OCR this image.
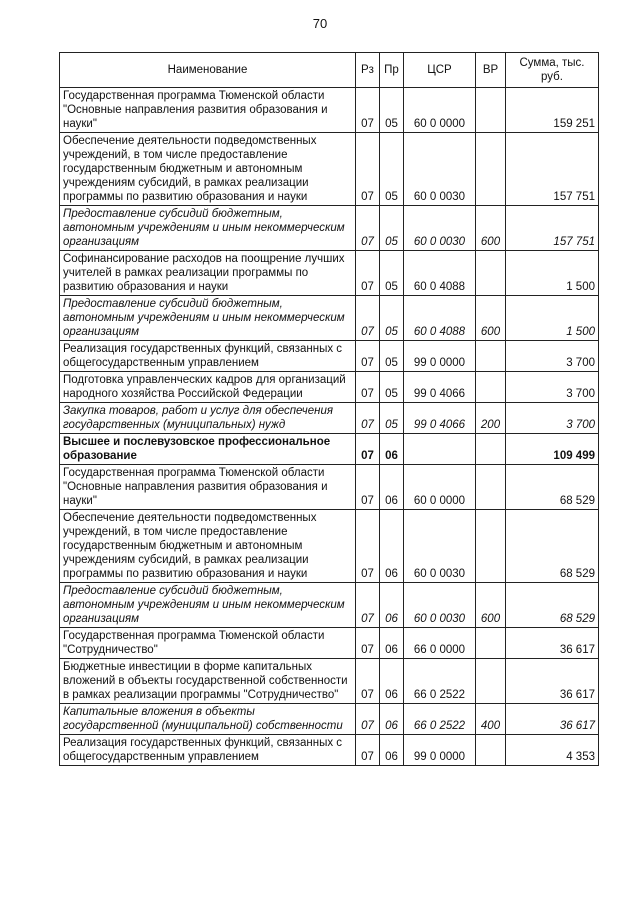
70
Наименование	Рз	Пр	ЦСР	ВР	Сумма, тыс. руб.
Государственная программа Тюменской области "Основные направления развития образования и науки"	07	05	60 0 0000		159 251
Обеспечение деятельности подведомственных учреждений, в том числе предоставление государственным бюджетным и автономным учреждениям субсидий, в рамках реализации программы по развитию образования и науки	07	05	60 0 0030		157 751
Предоставление субсидий бюджетным, автономным учреждениям и иным некоммерческим организациям	07	05	60 0 0030	600	157 751
Софинансирование расходов на поощрение лучших учителей в рамках реализации программы по развитию образования и науки	07	05	60 0 4088		1 500
Предоставление субсидий бюджетным, автономным учреждениям и иным некоммерческим организациям	07	05	60 0 4088	600	1 500
Реализация государственных функций, связанных с общегосударственным управлением	07	05	99 0 0000		3 700
Подготовка управленческих кадров для организаций народного хозяйства Российской Федерации	07	05	99 0 4066		3 700
Закупка товаров, работ и услуг для обеспечения государственных (муниципальных) нужд	07	05	99 0 4066	200	3 700
Высшее и послевузовское профессиональное образование	07	06			109 499
Государственная программа Тюменской области "Основные направления развития образования и науки"	07	06	60 0 0000		68 529
Обеспечение деятельности подведомственных учреждений, в том числе предоставление государственным бюджетным и автономным учреждениям субсидий, в рамках реализации программы по развитию образования и науки	07	06	60 0 0030		68 529
Предоставление субсидий бюджетным, автономным учреждениям и иным некоммерческим организациям	07	06	60 0 0030	600	68 529
Государственная программа Тюменской области "Сотрудничество"	07	06	66 0 0000		36 617
Бюджетные инвестиции в форме капитальных вложений в объекты государственной собственности в рамках реализации программы "Сотрудничество"	07	06	66 0 2522		36 617
Капитальные вложения в объекты государственной (муниципальной) собственности	07	06	66 0 2522	400	36 617
Реализация государственных функций, связанных с общегосударственным управлением	07	06	99 0 0000		4 353
